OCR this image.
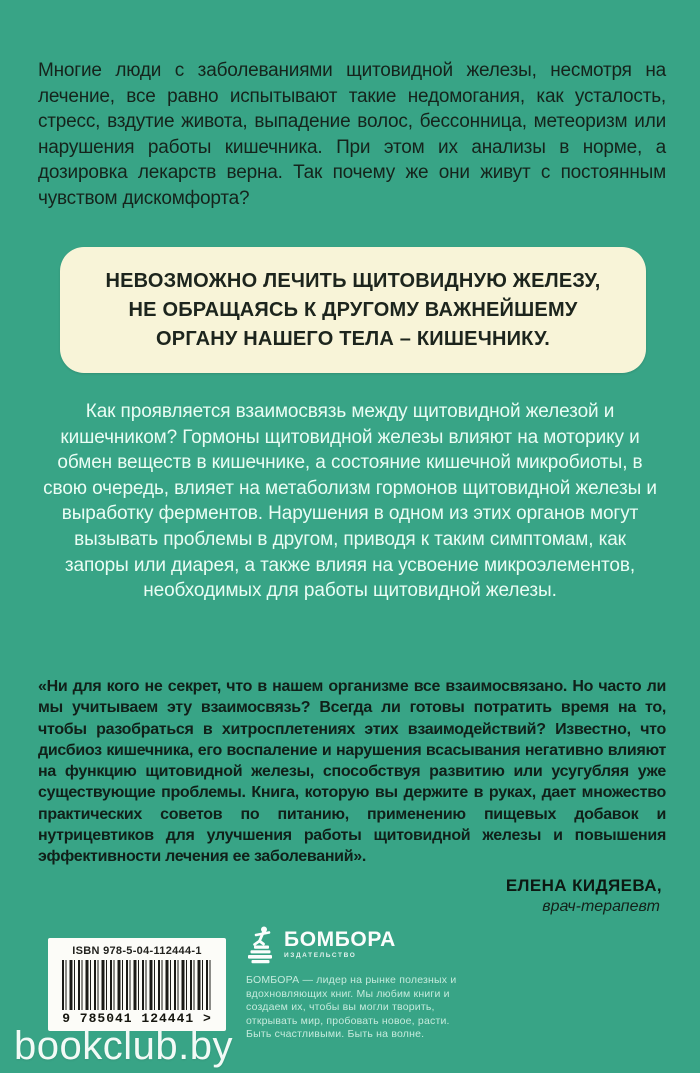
Многие люди с заболеваниями щитовидной железы, несмотря на лечение, все равно испытывают такие недомогания, как усталость, стресс, вздутие живота, выпадение волос, бессонница, метеоризм или нарушения работы кишечника. При этом их анализы в норме, а дозировка лекарств верна. Так почему же они живут с постоянным чувством дискомфорта?
НЕВОЗМОЖНО ЛЕЧИТЬ ЩИТОВИДНУЮ ЖЕЛЕЗУ, НЕ ОБРАЩАЯСЬ К ДРУГОМУ ВАЖНЕЙШЕМУ ОРГАНУ НАШЕГО ТЕЛА – КИШЕЧНИКУ.
Как проявляется взаимосвязь между щитовидной железой и кишечником? Гормоны щитовидной железы влияют на моторику и обмен веществ в кишечнике, а состояние кишечной микробиоты, в свою очередь, влияет на метаболизм гормонов щитовидной железы и выработку ферментов. Нарушения в одном из этих органов могут вызывать проблемы в другом, приводя к таким симптомам, как запоры или диарея, а также влияя на усвоение микроэлементов, необходимых для работы щитовидной железы.
«Ни для кого не секрет, что в нашем организме все взаимосвязано. Но часто ли мы учитываем эту взаимосвязь? Всегда ли готовы потратить время на то, чтобы разобраться в хитросплетениях этих взаимодействий? Известно, что дисбиоз кишечника, его воспаление и нарушения всасывания негативно влияют на функцию щитовидной железы, способствуя развитию или усугубляя уже существующие проблемы. Книга, которую вы держите в руках, дает множество практических советов по питанию, применению пищевых добавок и нутрицевтиков для улучшения работы щитовидной железы и повышения эффективности лечения ее заболеваний».
ЕЛЕНА КИДЯЕВА,
врач-терапевт
ISBN 978-5-04-112444-1
9 785041 124441 >
БОМБОРА
ИЗДАТЕЛЬСТВО
БОМБОРА — лидер на рынке полезных и вдохновляющих книг. Мы любим книги и создаем их, чтобы вы могли творить, открывать мир, пробовать новое, расти. Быть счастливыми. Быть на волне.
bookclub.by
